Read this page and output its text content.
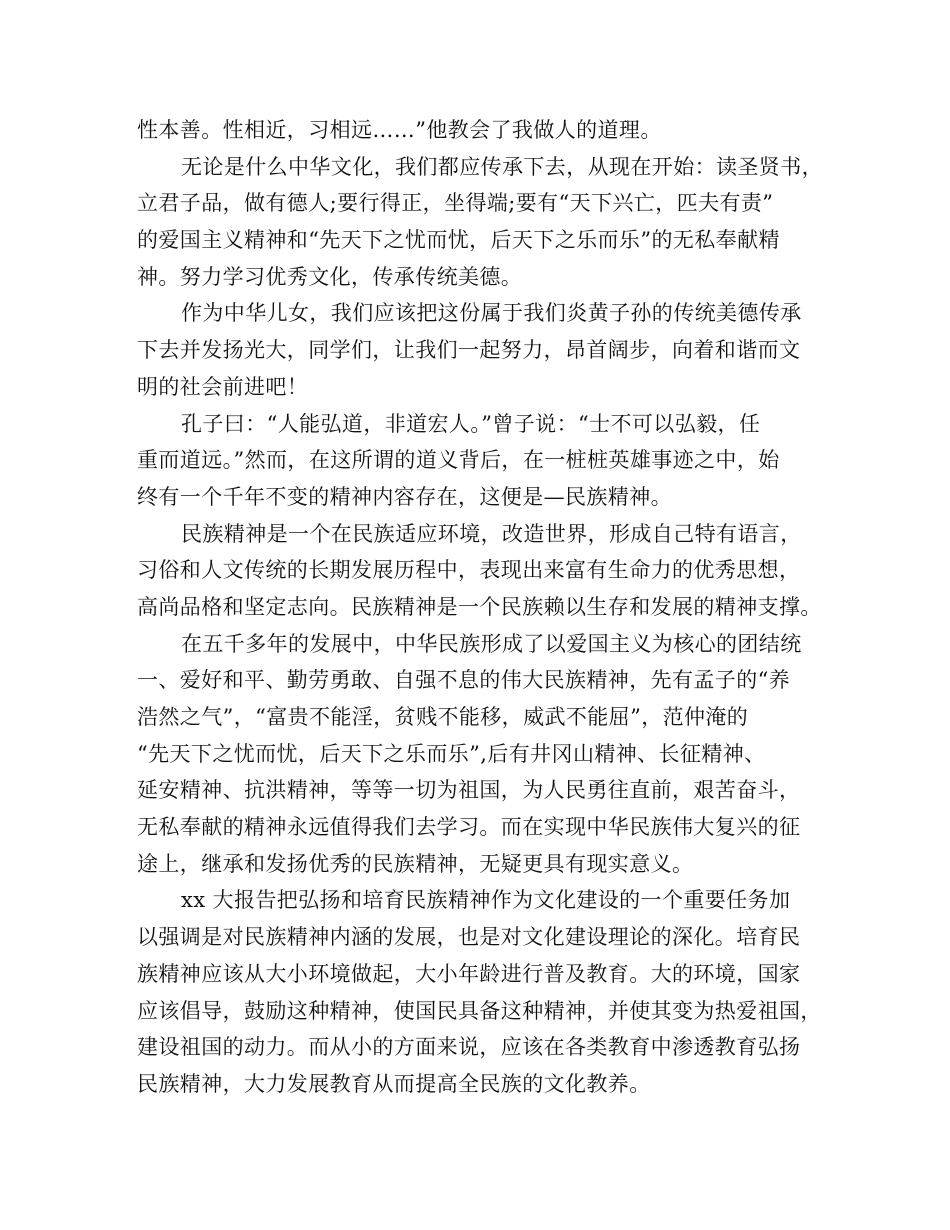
性本善。性相近，习相远……”他教会了我做人的道理。
无论是什么中华文化，我们都应传承下去，从现在开始：读圣贤书，
立君子品，做有德人;要行得正，坐得端;要有“天下兴亡，匹夫有责”
的爱国主义精神和“先天下之忧而忧，后天下之乐而乐”的无私奉献精
神。努力学习优秀文化，传承传统美德。
作为中华儿女，我们应该把这份属于我们炎黄子孙的传统美德传承
下去并发扬光大，同学们，让我们一起努力，昂首阔步，向着和谐而文
明的社会前进吧！
孔子曰：“人能弘道，非道宏人。”曾子说：“士不可以弘毅，任
重而道远。”然而，在这所谓的道义背后，在一桩桩英雄事迹之中，始
终有一个千年不变的精神内容存在，这便是—民族精神。
民族精神是一个在民族适应环境，改造世界，形成自己特有语言，
习俗和人文传统的长期发展历程中，表现出来富有生命力的优秀思想，
高尚品格和坚定志向。民族精神是一个民族赖以生存和发展的精神支撑。
在五千多年的发展中，中华民族形成了以爱国主义为核心的团结统
一、爱好和平、勤劳勇敢、自强不息的伟大民族精神，先有孟子的“养
浩然之气”，“富贵不能淫，贫贱不能移，威武不能屈”，范仲淹的
“先天下之忧而忧，后天下之乐而乐”,后有井冈山精神、长征精神、
延安精神、抗洪精神，等等一切为祖国，为人民勇往直前，艰苦奋斗，
无私奉献的精神永远值得我们去学习。而在实现中华民族伟大复兴的征
途上，继承和发扬优秀的民族精神，无疑更具有现实意义。
xx 大报告把弘扬和培育民族精神作为文化建设的一个重要任务加
以强调是对民族精神内涵的发展，也是对文化建设理论的深化。培育民
族精神应该从大小环境做起，大小年龄进行普及教育。大的环境，国家
应该倡导，鼓励这种精神，使国民具备这种精神，并使其变为热爱祖国，
建设祖国的动力。而从小的方面来说，应该在各类教育中渗透教育弘扬
民族精神，大力发展教育从而提高全民族的文化教养。
